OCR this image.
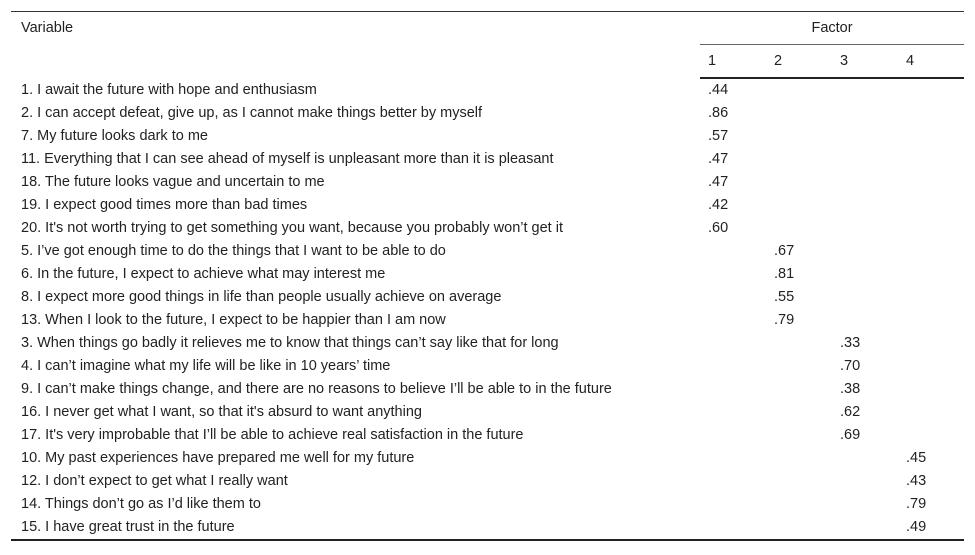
Variable	Factor			
	1	2	3	4
1. I await the future with hope and enthusiasm	.44			
2. I can accept defeat, give up, as I cannot make things better by myself	.86			
7. My future looks dark to me	.57			
11. Everything that I can see ahead of myself is unpleasant more than it is pleasant	.47			
18. The future looks vague and uncertain to me	.47			
19. I expect good times more than bad times	.42			
20. It's not worth trying to get something you want, because you probably won’t get it	.60			
5. I’ve got enough time to do the things that I want to be able to do		.67		
6. In the future, I expect to achieve what may interest me		.81		
8. I expect more good things in life than people usually achieve on average		.55		
13. When I look to the future, I expect to be happier than I am now		.79		
3. When things go badly it relieves me to know that things can’t say like that for long			.33	
4. I can’t imagine what my life will be like in 10 years’ time			.70	
9. I can’t make things change, and there are no reasons to believe I’ll be able to in the future			.38	
16. I never get what I want, so that it's absurd to want anything			.62	
17. It's very improbable that I’ll be able to achieve real satisfaction in the future			.69	
10. My past experiences have prepared me well for my future				.45
12. I don’t expect to get what I really want				.43
14. Things don’t go as I’d like them to				.79
15. I have great trust in the future				.49
